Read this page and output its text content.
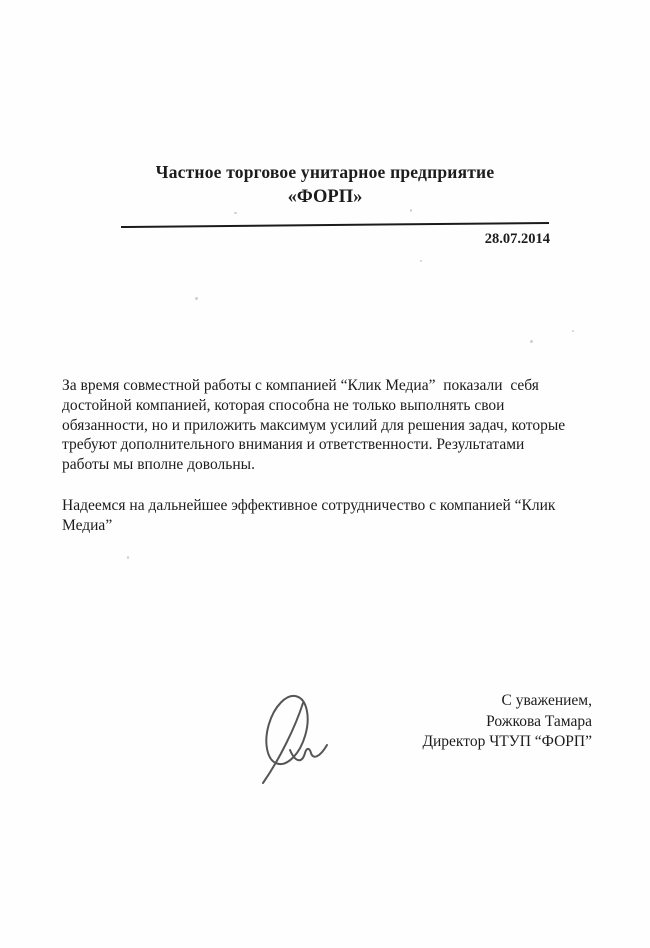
Частное торговое унитарное предприятие
«ФОРП»
28.07.2014
За время совместной работы с компанией “Клик Медиа”  показали  себя
достойной компанией, которая способна не только выполнять свои
обязанности, но и приложить максимум усилий для решения задач, которые
требуют дополнительного внимания и ответственности. Результатами
работы мы вполне довольны.
Надеемся на дальнейшее эффективное сотрудничество с компанией “Клик
Медиа”
С уважением,
Рожкова Тамара
Директор ЧТУП “ФОРП”
